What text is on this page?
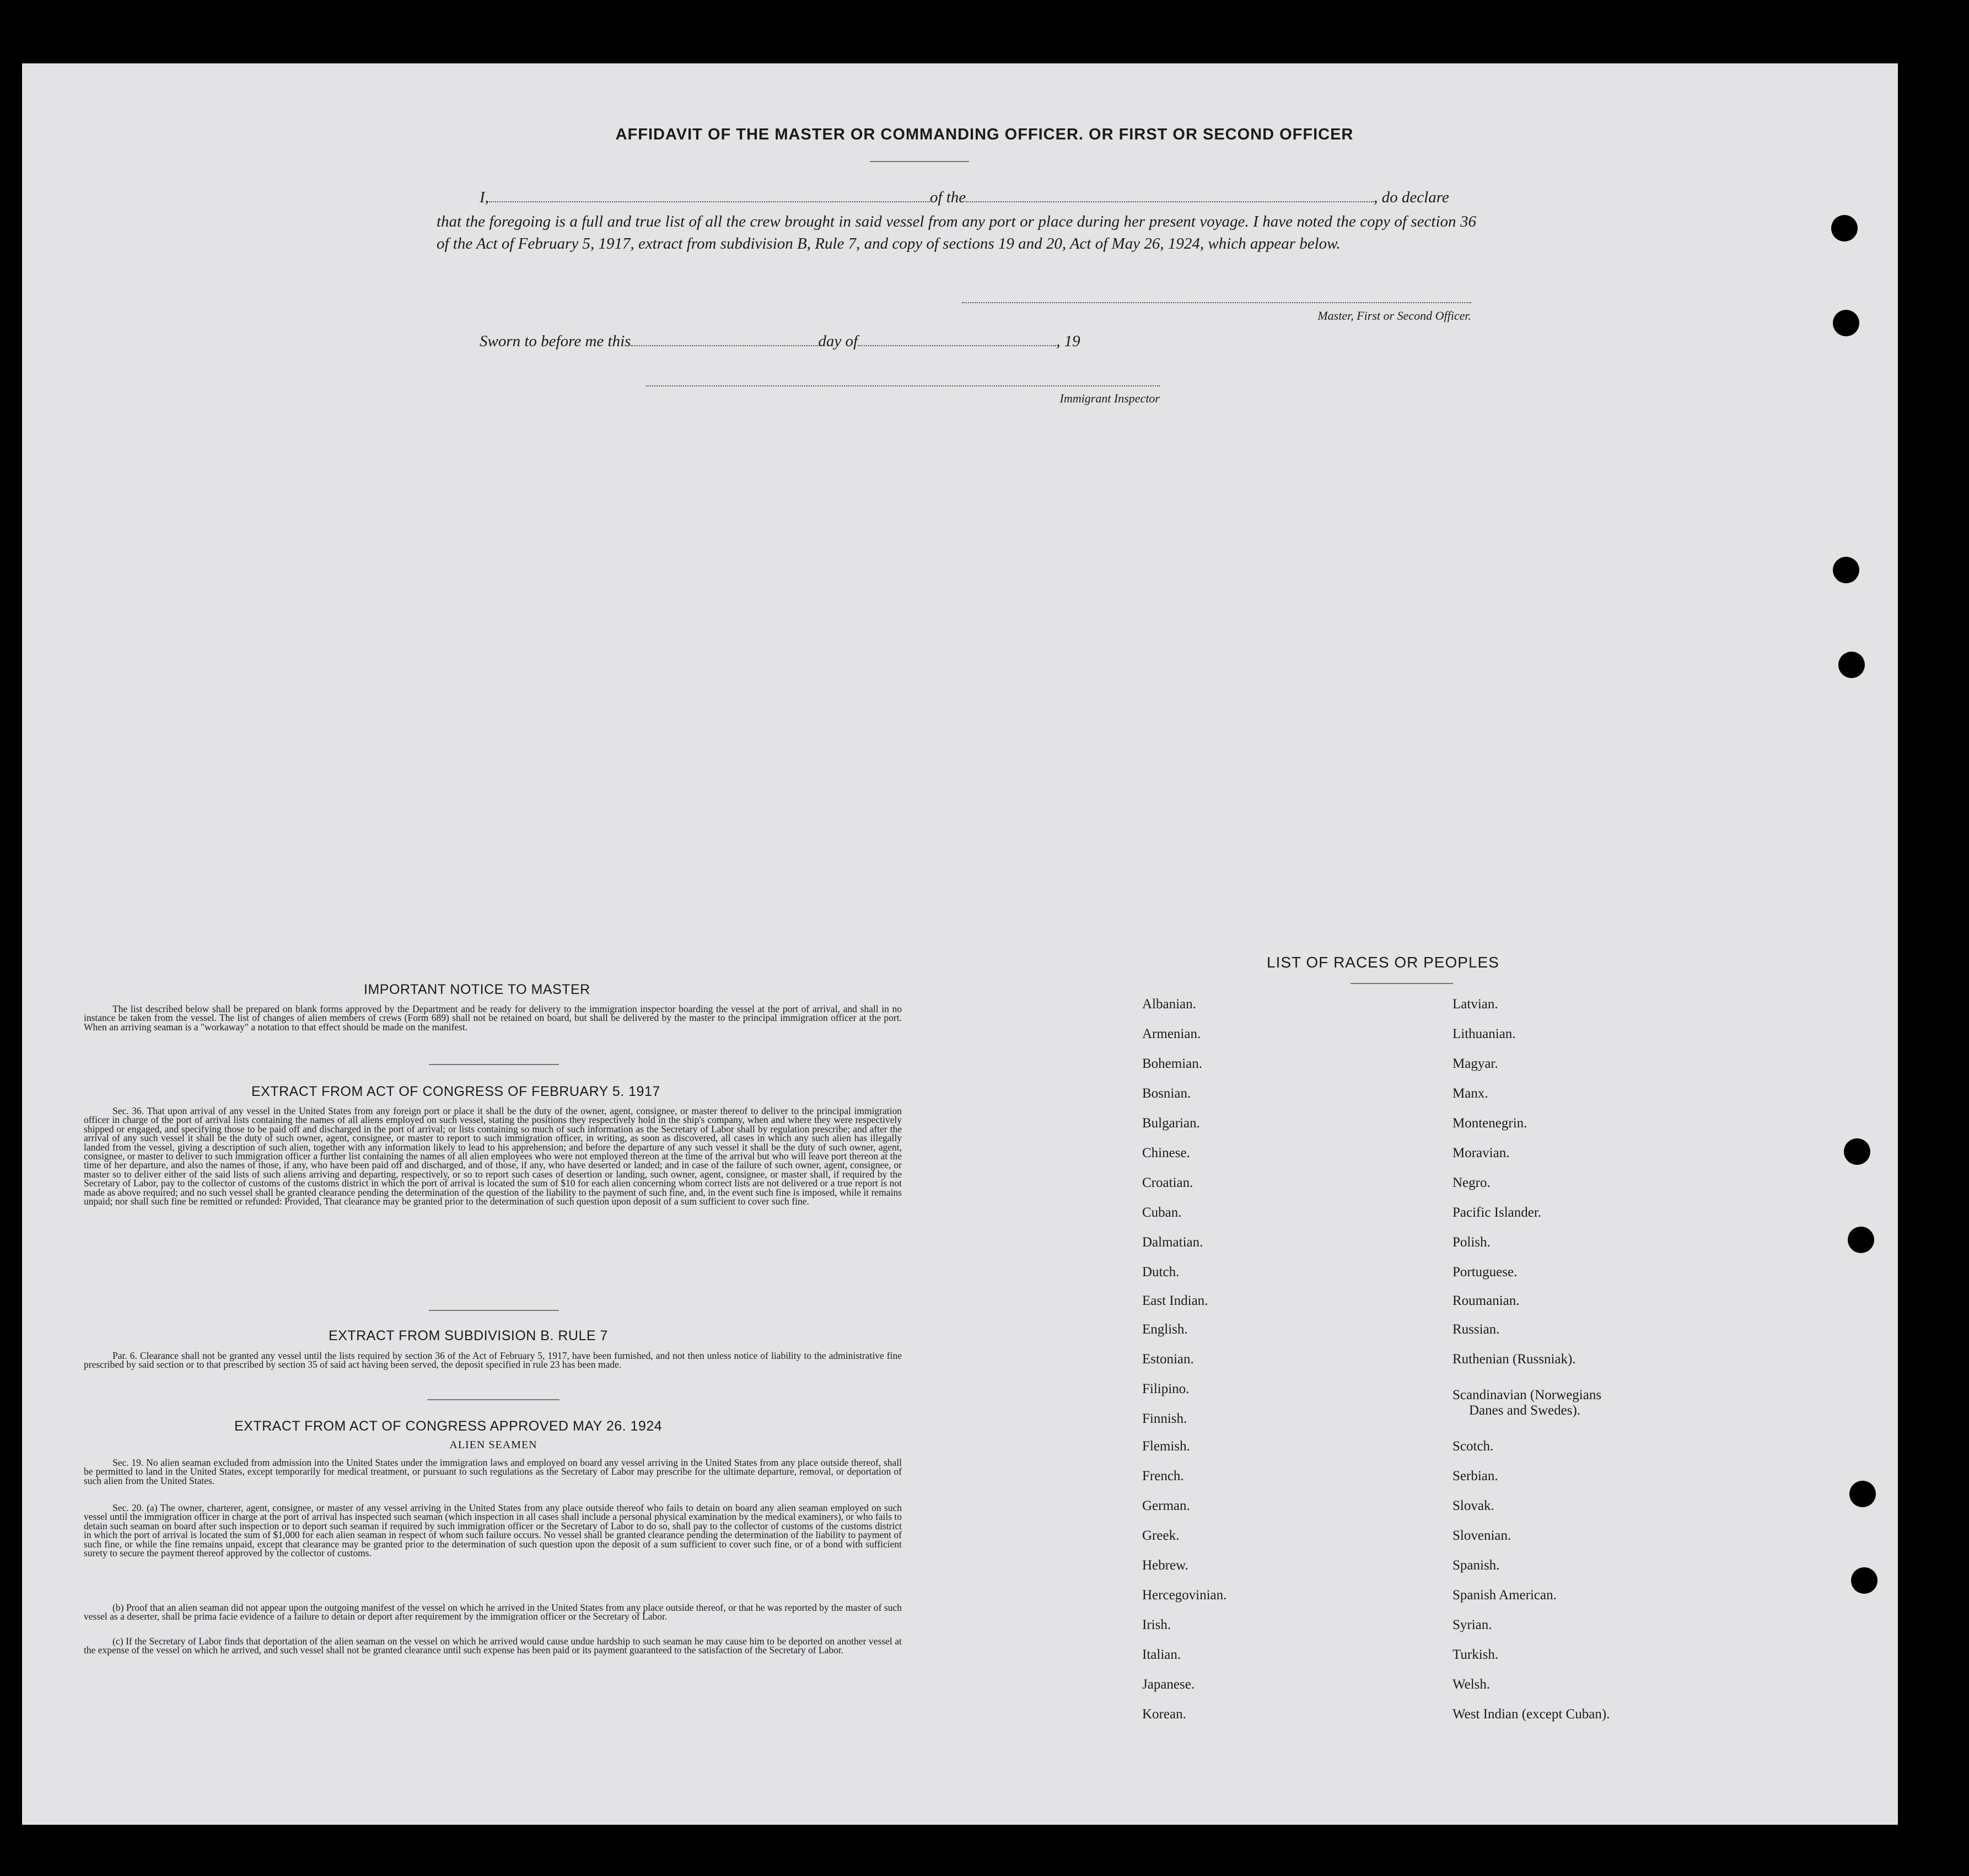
AFFIDAVIT OF THE MASTER OR COMMANDING OFFICER. OR FIRST OR SECOND OFFICER
I,	of the	, do declare
that the foregoing is a full and true list of all the crew brought in said vessel from any port or place during her present voyage. I have noted the copy of section 36 of the Act of February 5, 1917, extract from subdivision B, Rule 7, and copy of sections 19 and 20, Act of May 26, 1924, which appear below.
Master, First or Second Officer.
Sworn to before me this	day of	, 19
Immigrant Inspector
IMPORTANT NOTICE TO MASTER
The list described below shall be prepared on blank forms approved by the Department and be ready for delivery to the immigration inspector boarding the vessel at the port of arrival, and shall in no instance be taken from the vessel. The list of changes of alien members of crews (Form 689) shall not be retained on board, but shall be delivered by the master to the principal immigration officer at the port. When an arriving seaman is a "workaway" a notation to that effect should be made on the manifest.
EXTRACT FROM ACT OF CONGRESS OF FEBRUARY 5. 1917
Sec. 36. That upon arrival of any vessel in the United States from any foreign port or place it shall be the duty of the owner, agent, consignee, or master thereof to deliver to the principal immigration officer in charge of the port of arrival lists containing the names of all aliens employed on such vessel, stating the positions they respectively hold in the ship's company, when and where they were respectively shipped or engaged, and specifying those to be paid off and discharged in the port of arrival; or lists containing so much of such information as the Secretary of Labor shall by regulation prescribe; and after the arrival of any such vessel it shall be the duty of such owner, agent, consignee, or master to report to such immigration officer, in writing, as soon as discovered, all cases in which any such alien has illegally landed from the vessel, giving a description of such alien, together with any information likely to lead to his apprehension; and before the departure of any such vessel it shall be the duty of such owner, agent, consignee, or master to deliver to such immigration officer a further list containing the names of all alien employees who were not employed thereon at the time of the arrival but who will leave port thereon at the time of her departure, and also the names of those, if any, who have been paid off and discharged, and of those, if any, who have deserted or landed; and in case of the failure of such owner, agent, consignee, or master so to deliver either of the said lists of such aliens arriving and departing, respectively, or so to report such cases of desertion or landing, such owner, agent, consignee, or master shall, if required by the Secretary of Labor, pay to the collector of customs of the customs district in which the port of arrival is located the sum of $10 for each alien concerning whom correct lists are not delivered or a true report is not made as above required; and no such vessel shall be granted clearance pending the determination of the question of the liability to the payment of such fine, and, in the event such fine is imposed, while it remains unpaid; nor shall such fine be remitted or refunded: Provided, That clearance may be granted prior to the determination of such question upon deposit of a sum sufficient to cover such fine.
EXTRACT FROM SUBDIVISION B. RULE 7
Par. 6. Clearance shall not be granted any vessel until the lists required by section 36 of the Act of February 5, 1917, have been furnished, and not then unless notice of liability to the administrative fine prescribed by said section or to that prescribed by section 35 of said act having been served, the deposit specified in rule 23 has been made.
EXTRACT FROM ACT OF CONGRESS APPROVED MAY 26. 1924
ALIEN SEAMEN
Sec. 19. No alien seaman excluded from admission into the United States under the immigration laws and employed on board any vessel arriving in the United States from any place outside thereof, shall be permitted to land in the United States, except temporarily for medical treatment, or pursuant to such regulations as the Secretary of Labor may prescribe for the ultimate departure, removal, or deportation of such alien from the United States.
Sec. 20. (a) The owner, charterer, agent, consignee, or master of any vessel arriving in the United States from any place outside thereof who fails to detain on board any alien seaman employed on such vessel until the immigration officer in charge at the port of arrival has inspected such seaman (which inspection in all cases shall include a personal physical examination by the medical examiners), or who fails to detain such seaman on board after such inspection or to deport such seaman if required by such immigration officer or the Secretary of Labor to do so, shall pay to the collector of customs of the customs district in which the port of arrival is located the sum of $1,000 for each alien seaman in respect of whom such failure occurs. No vessel shall be granted clearance pending the determination of the liability to payment of such fine, or while the fine remains unpaid, except that clearance may be granted prior to the determination of such question upon the deposit of a sum sufficient to cover such fine, or of a bond with sufficient surety to secure the payment thereof approved by the collector of customs.
(b) Proof that an alien seaman did not appear upon the outgoing manifest of the vessel on which he arrived in the United States from any place outside thereof, or that he was reported by the master of such vessel as a deserter, shall be prima facie evidence of a failure to detain or deport after requirement by the immigration officer or the Secretary of Labor.
(c) If the Secretary of Labor finds that deportation of the alien seaman on the vessel on which he arrived would cause undue hardship to such seaman he may cause him to be deported on another vessel at the expense of the vessel on which he arrived, and such vessel shall not be granted clearance until such expense has been paid or its payment guaranteed to the satisfaction of the Secretary of Labor.
LIST OF RACES OR PEOPLES
Albanian.
Armenian.
Bohemian.
Bosnian.
Bulgarian.
Chinese.
Croatian.
Cuban.
Dalmatian.
Dutch.
East Indian.
English.
Estonian.
Filipino.
Finnish.
Flemish.
French.
German.
Greek.
Hebrew.
Hercegovinian.
Irish.
Italian.
Japanese.
Korean.
Latvian.
Lithuanian.
Magyar.
Manx.
Montenegrin.
Moravian.
Negro.
Pacific Islander.
Polish.
Portuguese.
Roumanian.
Russian.
Ruthenian (Russniak).
Scandinavian (Norwegians
Danes and Swedes).
Scotch.
Serbian.
Slovak.
Slovenian.
Spanish.
Spanish American.
Syrian.
Turkish.
Welsh.
West Indian (except Cuban).
